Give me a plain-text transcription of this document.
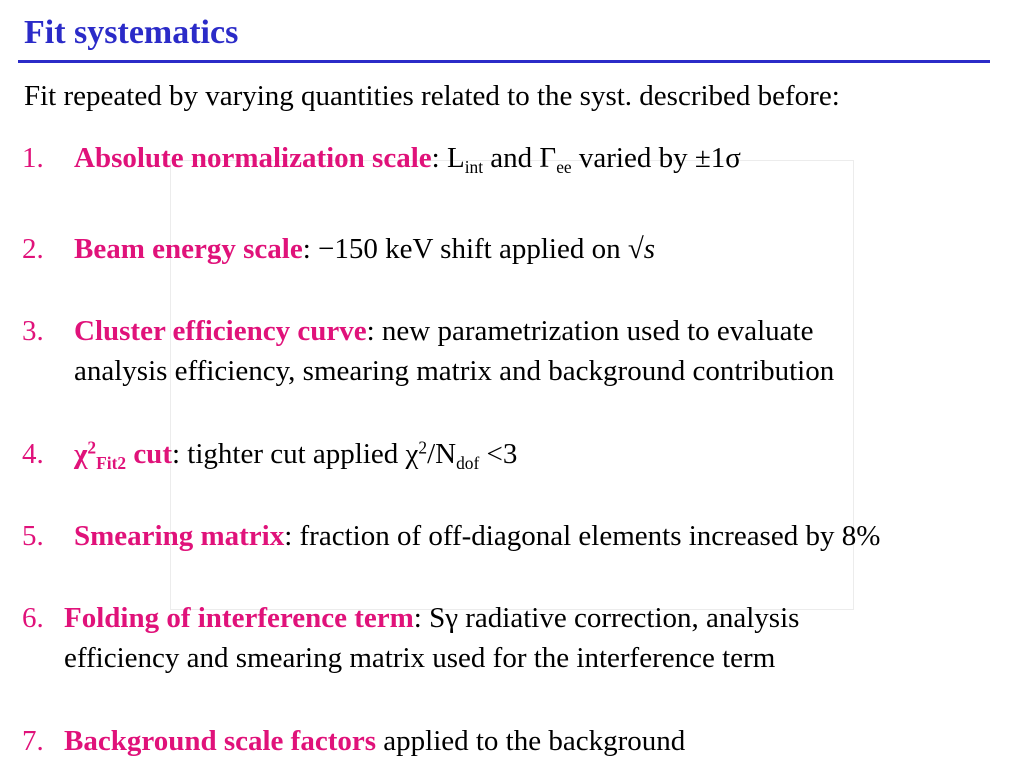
Fit systematics
Fit repeated by varying quantities related to the syst. described before:
1. Absolute normalization scale: $L_{int}$ and $\Gamma_{ee}$ varied by ±1σ
2. Beam energy scale: −150 keV shift applied on √s
3. Cluster efficiency curve: new parametrization used to evaluate
analysis efficiency, smearing matrix and background contribution
4. $\chi^2_{Fit2}$ cut: tighter cut applied $\chi^2/N_{dof} <3$
5. Smearing matrix: fraction of off-diagonal elements increased by 8%
6. Folding of interference term: Sγ radiative correction, analysis
efficiency and smearing matrix used for the interference term
7. Background scale factors applied to the background
